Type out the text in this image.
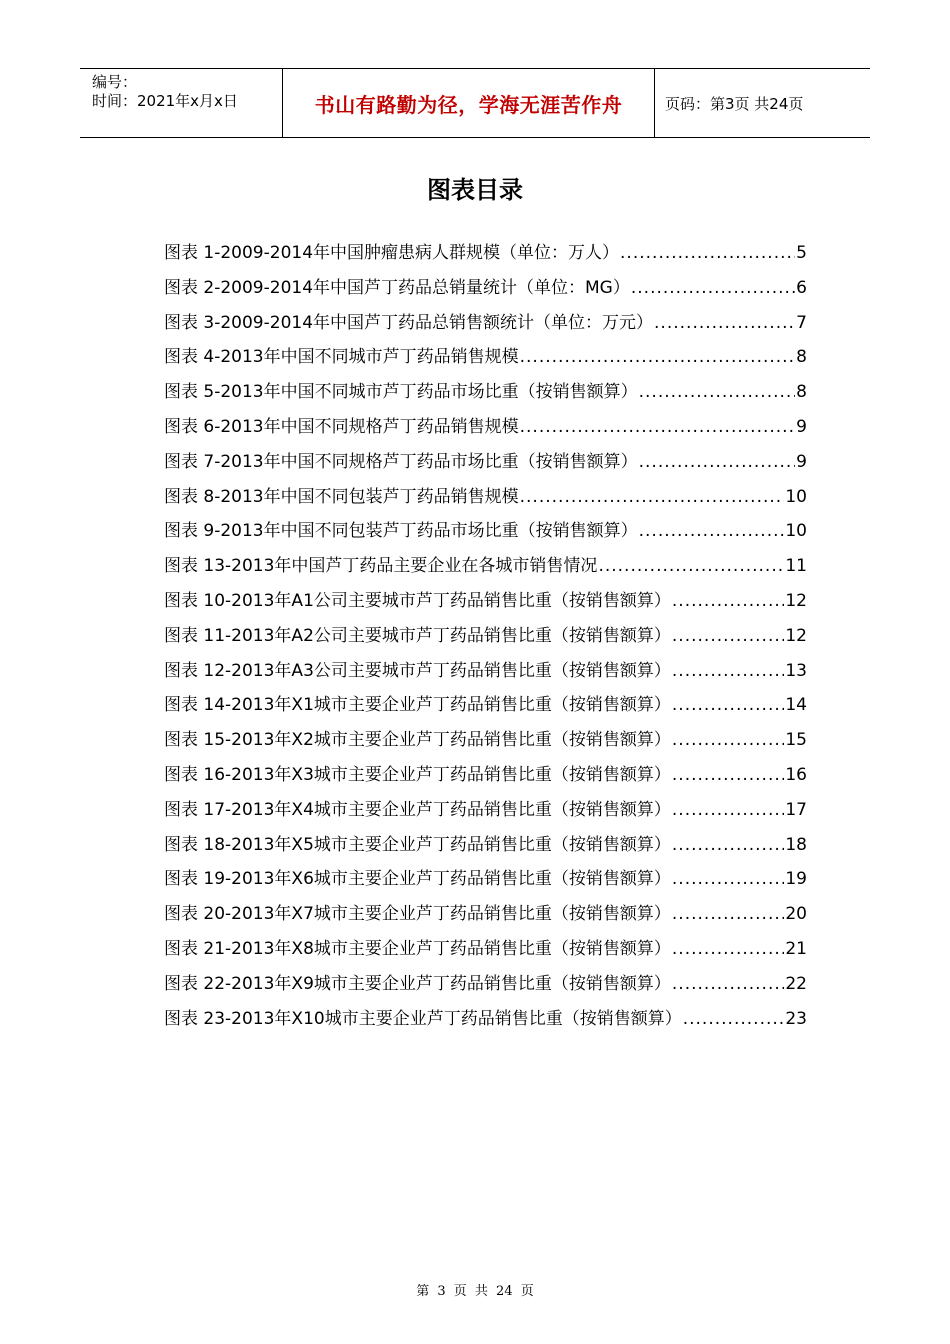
编号：
时间：2021年x月x日	书山有路勤为径，学海无涯苦作舟	页码：第3页 共24页
图表目录
图表 1-2009-2014年中国肿瘤患病人群规模（单位：万人） .....	5
图表 2-2009-2014年中国芦丁药品总销量统计（单位：MG） .....	6
图表 3-2009-2014年中国芦丁药品总销售额统计（单位：万元） .....	7
图表 4-2013年中国不同城市芦丁药品销售规模 .....	8
图表 5-2013年中国不同城市芦丁药品市场比重（按销售额算） .....	8
图表 6-2013年中国不同规格芦丁药品销售规模 .....	9
图表 7-2013年中国不同规格芦丁药品市场比重（按销售额算） .....	9
图表 8-2013年中国不同包装芦丁药品销售规模 .....	10
图表 9-2013年中国不同包装芦丁药品市场比重（按销售额算） .....	10
图表 13-2013年中国芦丁药品主要企业在各城市销售情况 .....	11
图表 10-2013年A1公司主要城市芦丁药品销售比重（按销售额算） .....	12
图表 11-2013年A2公司主要城市芦丁药品销售比重（按销售额算） .....	12
图表 12-2013年A3公司主要城市芦丁药品销售比重（按销售额算） .....	13
图表 14-2013年X1城市主要企业芦丁药品销售比重（按销售额算） .....	14
图表 15-2013年X2城市主要企业芦丁药品销售比重（按销售额算） .....	15
图表 16-2013年X3城市主要企业芦丁药品销售比重（按销售额算） .....	16
图表 17-2013年X4城市主要企业芦丁药品销售比重（按销售额算） .....	17
图表 18-2013年X5城市主要企业芦丁药品销售比重（按销售额算） .....	18
图表 19-2013年X6城市主要企业芦丁药品销售比重（按销售额算） .....	19
图表 20-2013年X7城市主要企业芦丁药品销售比重（按销售额算） .....	20
图表 21-2013年X8城市主要企业芦丁药品销售比重（按销售额算） .....	21
图表 22-2013年X9城市主要企业芦丁药品销售比重（按销售额算） .....	22
图表 23-2013年X10城市主要企业芦丁药品销售比重（按销售额算） .....	23
第 3 页 共 24 页
